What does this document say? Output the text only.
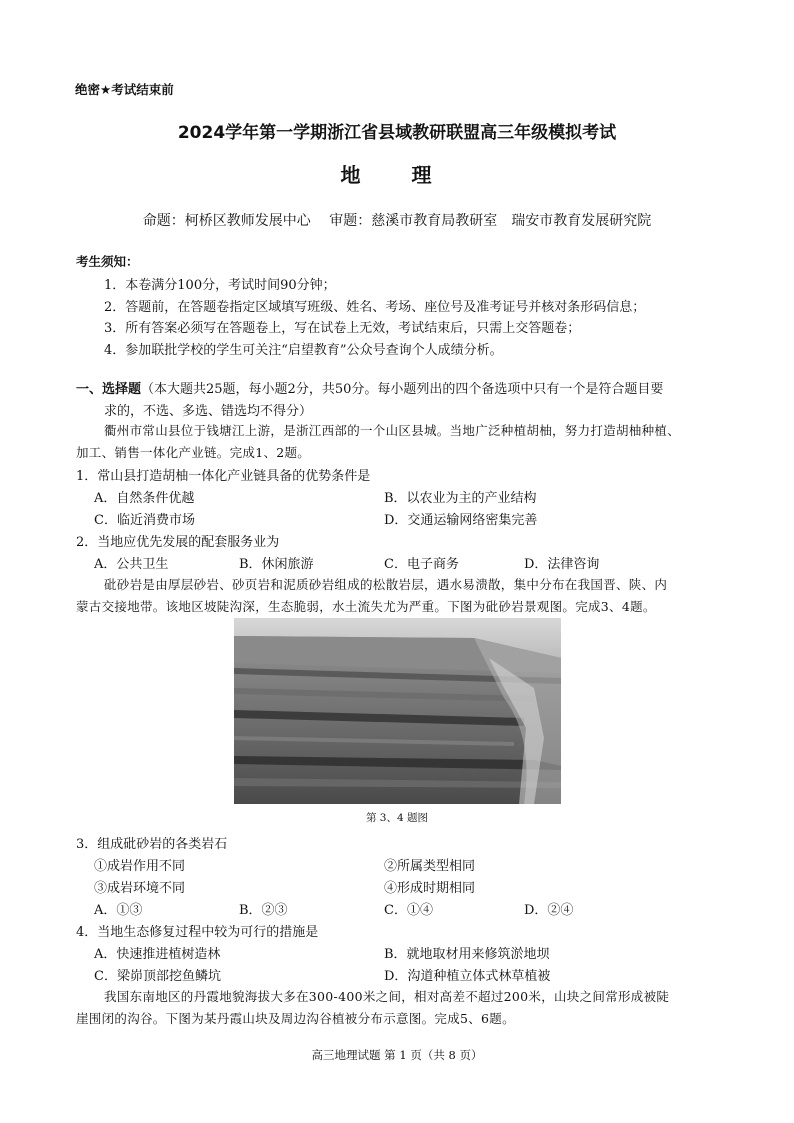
绝密★考试结束前
2024学年第一学期浙江省县域教研联盟高三年级模拟考试
地 理
命题：柯桥区教师发展中心　 审题：慈溪市教育局教研室　瑞安市教育发展研究院
考生须知：
1．本卷满分100分，考试时间90分钟；
2．答题前，在答题卷指定区域填写班级、姓名、考场、座位号及准考证号并核对条形码信息；
3．所有答案必须写在答题卷上，写在试卷上无效，考试结束后，只需上交答题卷；
4．参加联批学校的学生可关注“启望教育”公众号查询个人成绩分析。
一、选择题（本大题共25题，每小题2分，共50分。每小题列出的四个备选项中只有一个是符合题目要
求的，不选、多选、错选均不得分）
衢州市常山县位于钱塘江上游，是浙江西部的一个山区县城。当地广泛种植胡柚，努力打造胡柚种植、
加工、销售一体化产业链。完成1、2题。
1．常山县打造胡柚一体化产业链具备的优势条件是
A．自然条件优越	B．以农业为主的产业结构
C．临近消费市场	D．交通运输网络密集完善
2．当地应优先发展的配套服务业为
A．公共卫生	B．休闲旅游	C．电子商务	D．法律咨询
砒砂岩是由厚层砂岩、砂页岩和泥质砂岩组成的松散岩层，遇水易溃散，集中分布在我国晋、陕、内
蒙古交接地带。该地区坡陡沟深，生态脆弱，水土流失尤为严重。下图为砒砂岩景观图。完成3、4题。
第 3、4 题图
3．组成砒砂岩的各类岩石
①成岩作用不同	②所属类型相同
③成岩环境不同	④形成时期相同
A．①③	B．②③	C．①④	D．②④
4．当地生态修复过程中较为可行的措施是
A．快速推进植树造林	B．就地取材用来修筑淤地坝
C．梁峁顶部挖鱼鳞坑	D．沟道种植立体式林草植被
我国东南地区的丹霞地貌海拔大多在300-400米之间，相对高差不超过200米，山块之间常形成被陡
崖围闭的沟谷。下图为某丹霞山块及周边沟谷植被分布示意图。完成5、6题。
高三地理试题 第 1 页（共 8 页）
